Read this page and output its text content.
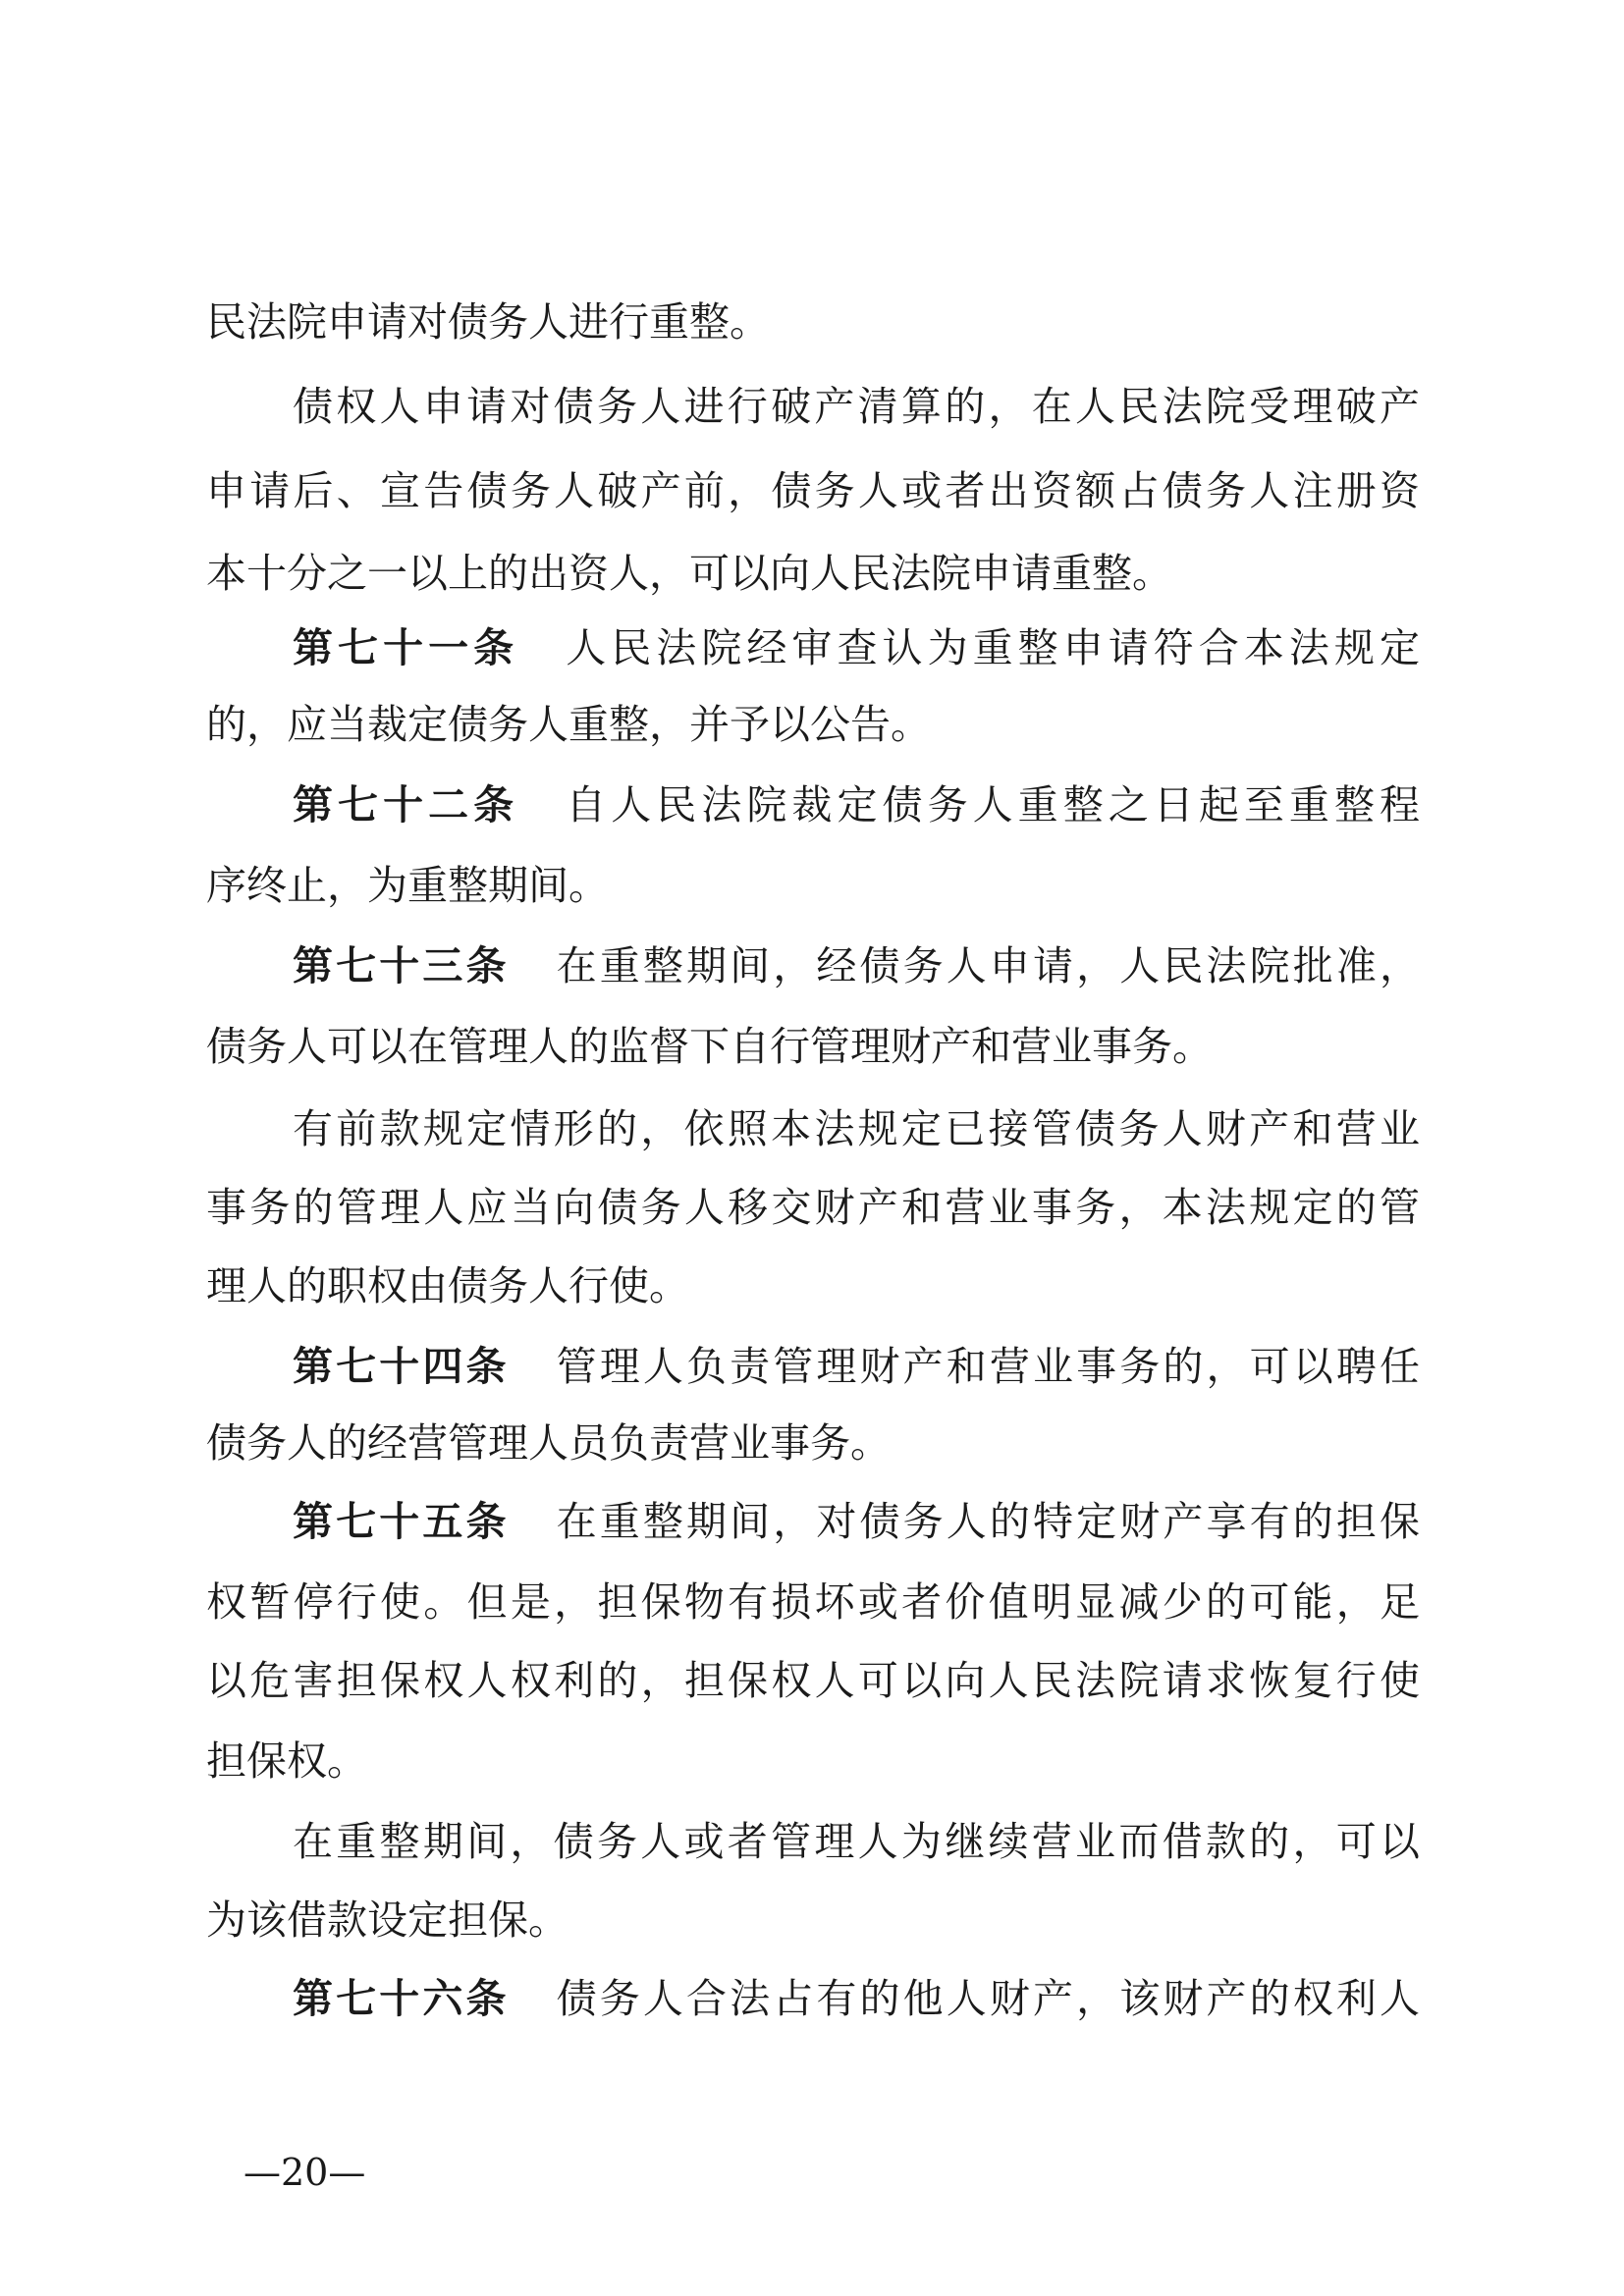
民法院申请对债务人进行重整。
债权人申请对债务人进行破产清算的，在人民法院受理破产
申请后、宣告债务人破产前，债务人或者出资额占债务人注册资
本十分之一以上的出资人，可以向人民法院申请重整。
第七十一条 人民法院经审查认为重整申请符合本法规定
的，应当裁定债务人重整，并予以公告。
第七十二条 自人民法院裁定债务人重整之日起至重整程
序终止，为重整期间。
第七十三条 在重整期间，经债务人申请，人民法院批准，
债务人可以在管理人的监督下自行管理财产和营业事务。
有前款规定情形的，依照本法规定已接管债务人财产和营业
事务的管理人应当向债务人移交财产和营业事务，本法规定的管
理人的职权由债务人行使。
第七十四条 管理人负责管理财产和营业事务的，可以聘任
债务人的经营管理人员负责营业事务。
第七十五条 在重整期间，对债务人的特定财产享有的担保
权暂停行使。但是，担保物有损坏或者价值明显减少的可能，足
以危害担保权人权利的，担保权人可以向人民法院请求恢复行使
担保权。
在重整期间，债务人或者管理人为继续营业而借款的，可以
为该借款设定担保。
第七十六条 债务人合法占有的他人财产，该财产的权利人
—20—
